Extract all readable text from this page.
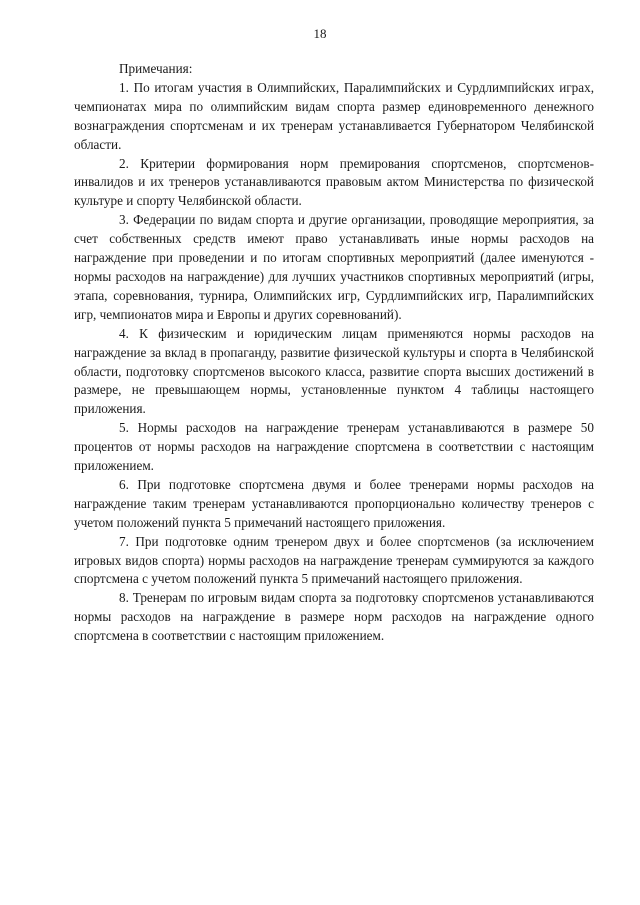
18

Примечания:

1. По итогам участия в Олимпийских, Паралимпийских и Сурдлимпийских играх, чемпионатах мира по олимпийским видам спорта размер единовременного денежного вознаграждения спортсменам и их тренерам устанавливается Губернатором Челябинской области.

2. Критерии формирования норм премирования спортсменов, спортсменов-инвалидов и их тренеров устанавливаются правовым актом Министерства по физической культуре и спорту Челябинской области.

3. Федерации по видам спорта и другие организации, проводящие мероприятия, за счет собственных средств имеют право устанавливать иные нормы расходов на награждение при проведении и по итогам спортивных мероприятий (далее именуются - нормы расходов на награждение) для лучших участников спортивных мероприятий (игры, этапа, соревнования, турнира, Олимпийских игр, Сурдлимпийских игр, Паралимпийских игр, чемпионатов мира и Европы и других соревнований).

4. К физическим и юридическим лицам применяются нормы расходов на награждение за вклад в пропаганду, развитие физической культуры и спорта в Челябинской области, подготовку спортсменов высокого класса, развитие спорта высших достижений в размере, не превышающем нормы, установленные пунктом 4 таблицы настоящего приложения.

5. Нормы расходов на награждение тренерам устанавливаются в размере 50 процентов от нормы расходов на награждение спортсмена в соответствии с настоящим приложением.

6. При подготовке спортсмена двумя и более тренерами нормы расходов на награждение таким тренерам устанавливаются пропорционально количеству тренеров с учетом положений пункта 5 примечаний настоящего приложения.

7. При подготовке одним тренером двух и более спортсменов (за исключением игровых видов спорта) нормы расходов на награждение тренерам суммируются за каждого спортсмена с учетом положений пункта 5 примечаний настоящего приложения.

8. Тренерам по игровым видам спорта за подготовку спортсменов устанавливаются нормы расходов на награждение в размере норм расходов на награждение одного спортсмена в соответствии с настоящим приложением.
